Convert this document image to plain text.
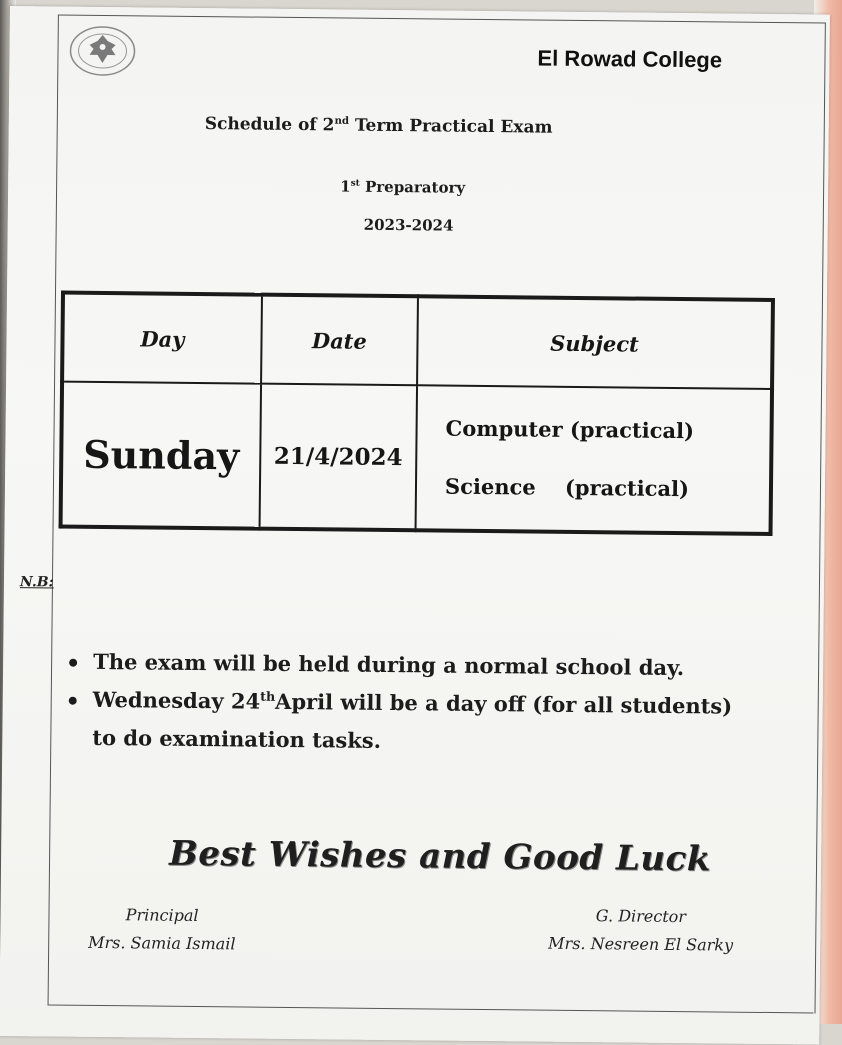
El Rowad College
Schedule of 2nd Term Practical Exam
1st Preparatory
2023-2024
Day	Date	Subject
Sunday	21/4/2024	Computer (practical)
Science    (practical)
N.B:
The exam will be held during a normal school day.
Wednesday 24thApril will be a day off (for all students)
to do examination tasks.
Best Wishes and Good Luck
Principal
Mrs. Samia Ismail
G. Director
Mrs. Nesreen El Sarky
